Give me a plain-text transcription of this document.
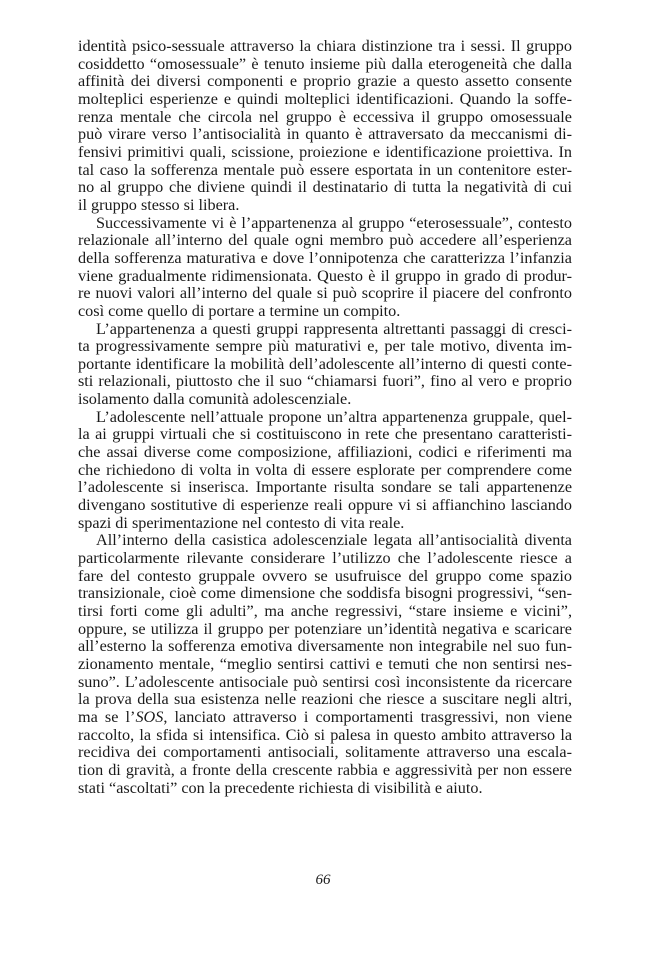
identità psico-sessuale attraverso la chiara distinzione tra i sessi. Il gruppo
cosiddetto “omosessuale” è tenuto insieme più dalla eterogeneità che dalla
affinità dei diversi componenti e proprio grazie a questo assetto consente
molteplici esperienze e quindi molteplici identificazioni. Quando la soffe-
renza mentale che circola nel gruppo è eccessiva il gruppo omosessuale
può virare verso l’antisocialità in quanto è attraversato da meccanismi di-
fensivi primitivi quali, scissione, proiezione e identificazione proiettiva. In
tal caso la sofferenza mentale può essere esportata in un contenitore ester-
no al gruppo che diviene quindi il destinatario di tutta la negatività di cui
il gruppo stesso si libera.
Successivamente vi è l’appartenenza al gruppo “eterosessuale”, contesto
relazionale all’interno del quale ogni membro può accedere all’esperienza
della sofferenza maturativa e dove l’onnipotenza che caratterizza l’infanzia
viene gradualmente ridimensionata. Questo è il gruppo in grado di produr-
re nuovi valori all’interno del quale si può scoprire il piacere del confronto
così come quello di portare a termine un compito.
L’appartenenza a questi gruppi rappresenta altrettanti passaggi di cresci-
ta progressivamente sempre più maturativi e, per tale motivo, diventa im-
portante identificare la mobilità dell’adolescente all’interno di questi conte-
sti relazionali, piuttosto che il suo “chiamarsi fuori”, fino al vero e proprio
isolamento dalla comunità adolescenziale.
L’adolescente nell’attuale propone un’altra appartenenza gruppale, quel-
la ai gruppi virtuali che si costituiscono in rete che presentano caratteristi-
che assai diverse come composizione, affiliazioni, codici e riferimenti ma
che richiedono di volta in volta di essere esplorate per comprendere come
l’adolescente si inserisca. Importante risulta sondare se tali appartenenze
divengano sostitutive di esperienze reali oppure vi si affianchino lasciando
spazi di sperimentazione nel contesto di vita reale.
All’interno della casistica adolescenziale legata all’antisocialità diventa
particolarmente rilevante considerare l’utilizzo che l’adolescente riesce a
fare del contesto gruppale ovvero se usufruisce del gruppo come spazio
transizionale, cioè come dimensione che soddisfa bisogni progressivi, “sen-
tirsi forti come gli adulti”, ma anche regressivi, “stare insieme e vicini”,
oppure, se utilizza il gruppo per potenziare un’identità negativa e scaricare
all’esterno la sofferenza emotiva diversamente non integrabile nel suo fun-
zionamento mentale, “meglio sentirsi cattivi e temuti che non sentirsi nes-
suno”. L’adolescente antisociale può sentirsi così inconsistente da ricercare
la prova della sua esistenza nelle reazioni che riesce a suscitare negli altri,
ma se l’SOS, lanciato attraverso i comportamenti trasgressivi, non viene
raccolto, la sfida si intensifica. Ciò si palesa in questo ambito attraverso la
recidiva dei comportamenti antisociali, solitamente attraverso una escala-
tion di gravità, a fronte della crescente rabbia e aggressività per non essere
stati “ascoltati” con la precedente richiesta di visibilità e aiuto.
66
